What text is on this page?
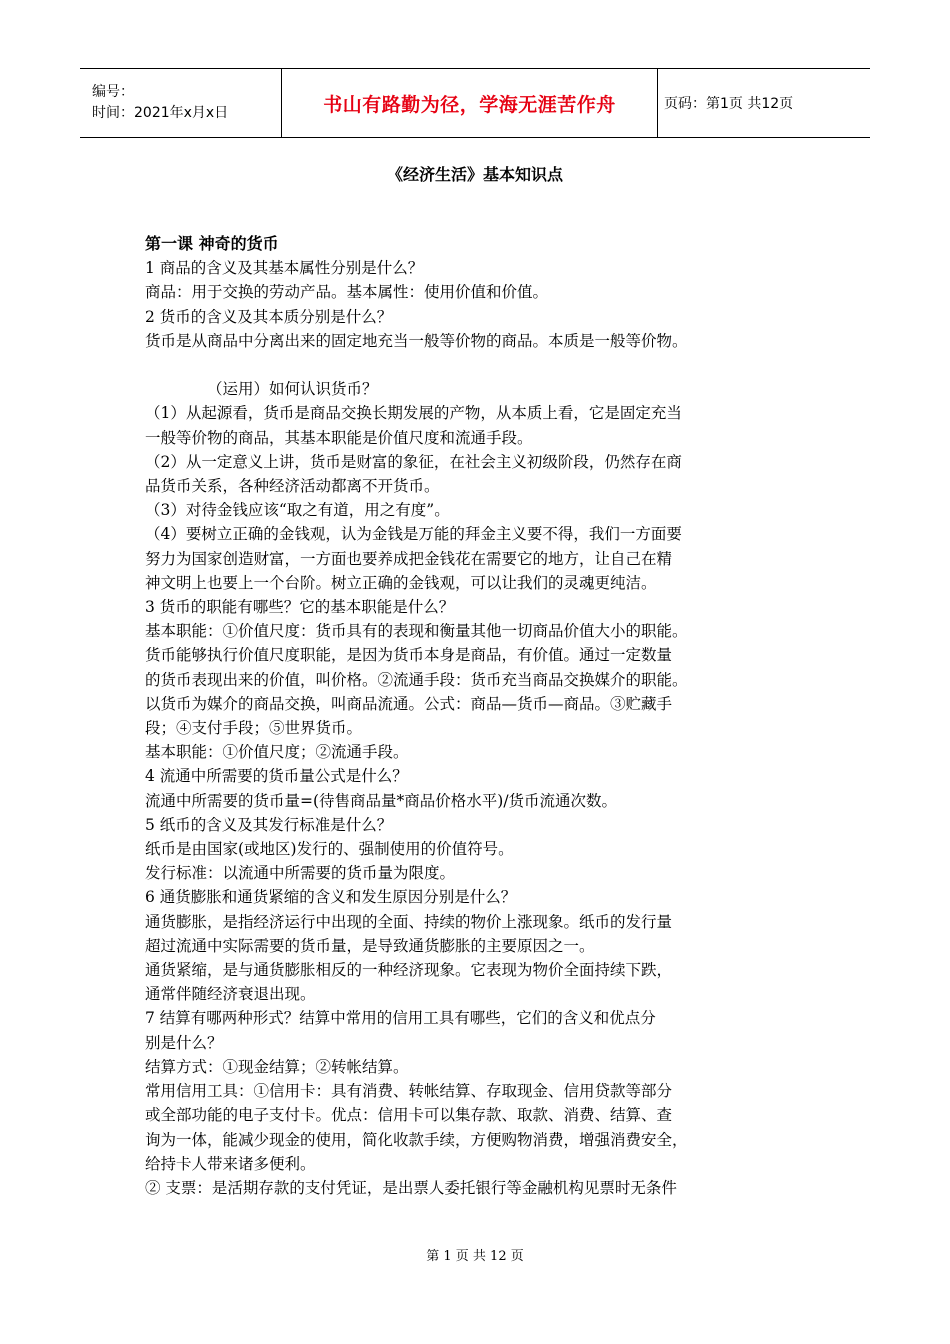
编号：
时间：2021年x月x日	书山有路勤为径，学海无涯苦作舟	页码：第1页 共12页
《经济生活》基本知识点

第一课 神奇的货币

1 商品的含义及其基本属性分别是什么？

商品：用于交换的劳动产品。基本属性：使用价值和价值。

2 货币的含义及其本质分别是什么？

货币是从商品中分离出来的固定地充当一般等价物的商品。本质是一般等价物。

（运用）如何认识货币？

（1）从起源看，货币是商品交换长期发展的产物，从本质上看，它是固定充当

一般等价物的商品，其基本职能是价值尺度和流通手段。

（2）从一定意义上讲，货币是财富的象征，在社会主义初级阶段，仍然存在商

品货币关系，各种经济活动都离不开货币。

（3）对待金钱应该“取之有道，用之有度”。

（4）要树立正确的金钱观，认为金钱是万能的拜金主义要不得，我们一方面要

努力为国家创造财富，一方面也要养成把金钱花在需要它的地方，让自己在精

神文明上也要上一个台阶。树立正确的金钱观，可以让我们的灵魂更纯洁。

3 货币的职能有哪些？它的基本职能是什么？

基本职能：①价值尺度：货币具有的表现和衡量其他一切商品价值大小的职能。

货币能够执行价值尺度职能，是因为货币本身是商品，有价值。通过一定数量

的货币表现出来的价值，叫价格。②流通手段：货币充当商品交换媒介的职能。

以货币为媒介的商品交换，叫商品流通。公式：商品—货币—商品。③贮藏手

段；④支付手段；⑤世界货币。

基本职能：①价值尺度；②流通手段。

4 流通中所需要的货币量公式是什么？

流通中所需要的货币量=(待售商品量*商品价格水平)/货币流通次数。

5 纸币的含义及其发行标准是什么？

纸币是由国家(或地区)发行的、强制使用的价值符号。

发行标准：以流通中所需要的货币量为限度。

6 通货膨胀和通货紧缩的含义和发生原因分别是什么？

通货膨胀，是指经济运行中出现的全面、持续的物价上涨现象。纸币的发行量

超过流通中实际需要的货币量，是导致通货膨胀的主要原因之一。

通货紧缩，是与通货膨胀相反的一种经济现象。它表现为物价全面持续下跌，

通常伴随经济衰退出现。

7 结算有哪两种形式？结算中常用的信用工具有哪些，它们的含义和优点分

别是什么？

结算方式：①现金结算；②转帐结算。

常用信用工具：①信用卡：具有消费、转帐结算、存取现金、信用贷款等部分

或全部功能的电子支付卡。优点：信用卡可以集存款、取款、消费、结算、查

询为一体，能减少现金的使用，简化收款手续，方便购物消费，增强消费安全，

给持卡人带来诸多便利。

② 支票：是活期存款的支付凭证，是出票人委托银行等金融机构见票时无条件

第 1 页 共 12 页
